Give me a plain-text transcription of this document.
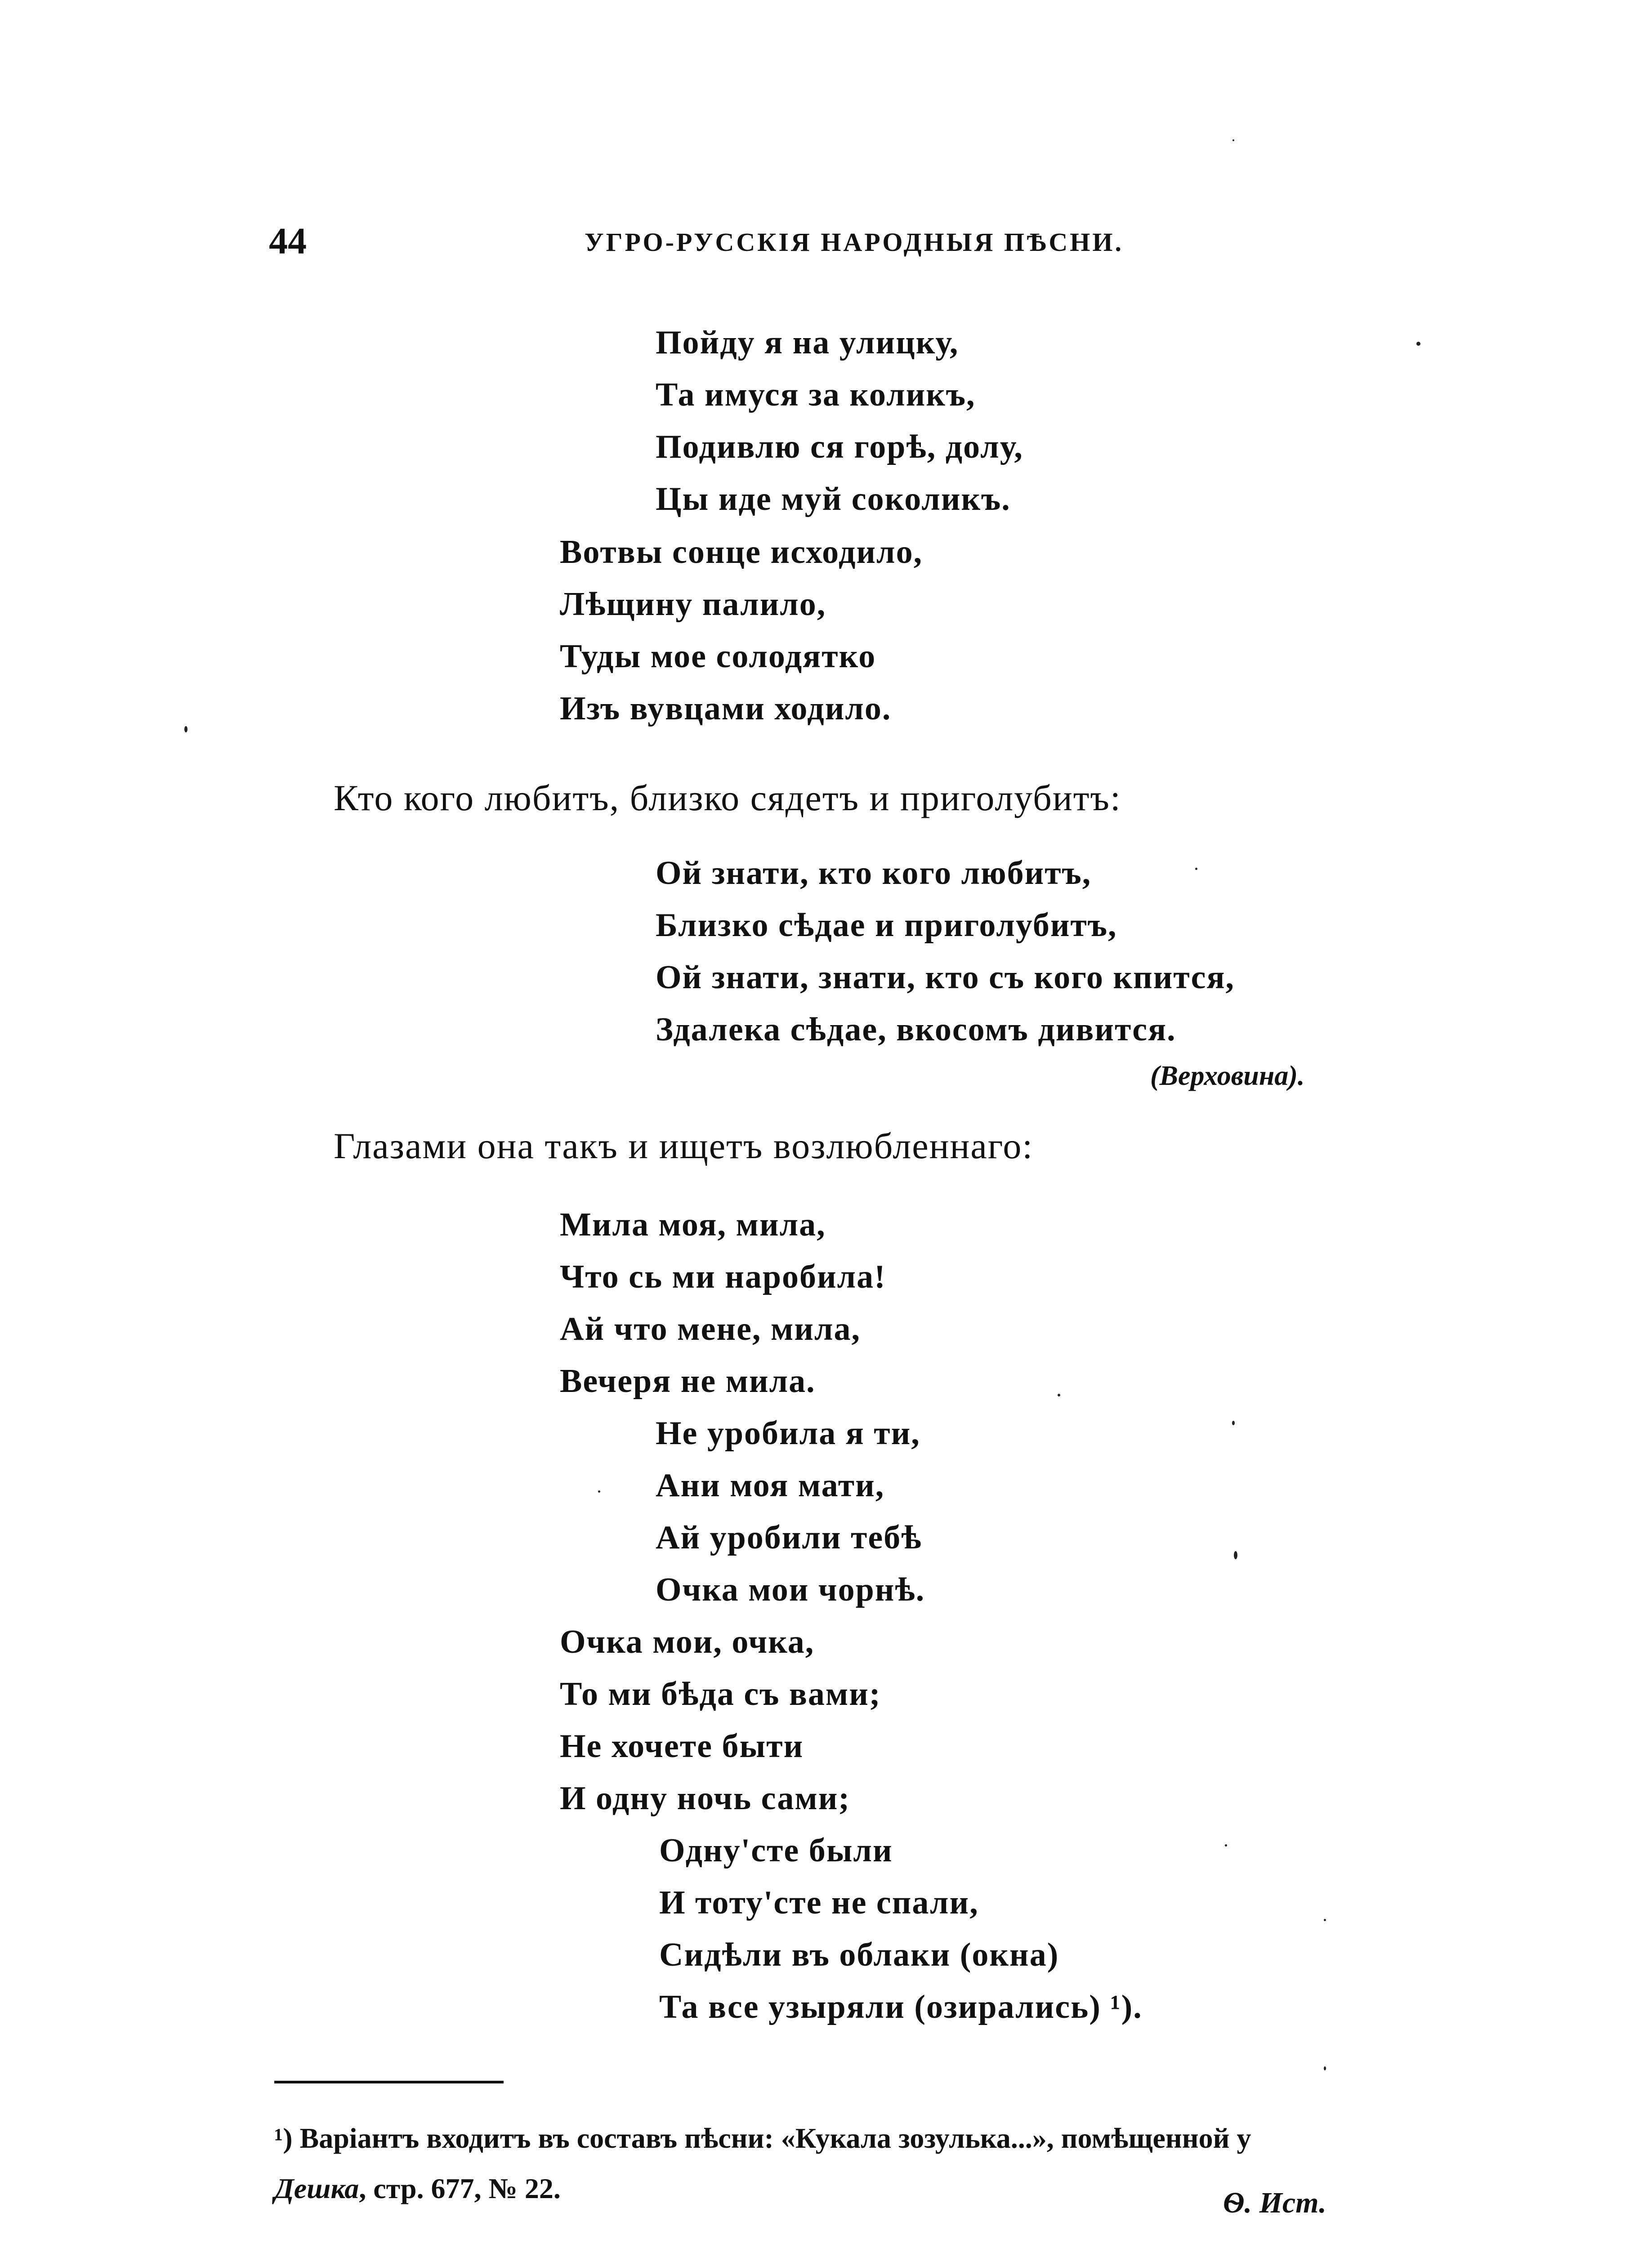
44	УГРО-РУССКІЯ НАРОДНЫЯ ПѢСНИ.
Пойду я на улицку,
Та имуся за коликъ,
Подивлю ся горѣ, долу,
Цы иде муй соколикъ.
Вотвы сонце исходило,
Лѣщину палило,
Туды мое солодятко
Изъ вувцами ходило.
Кто кого любитъ, близко сядетъ и приголубитъ:
Ой знати, кто кого любитъ,
Близко сѣдае и приголубитъ,
Ой знати, знати, кто съ кого кпится,
Здалека сѣдае, вкосомъ дивится.
(Верховина).
Глазами она такъ и ищетъ возлюбленнаго:
Мила моя, мила,
Что сь ми наробила!
Ай что мене, мила,
Вечеря не мила.
Не уробила я ти,
Ани моя мати,
Ай уробили тебѣ
Очка мои чорнѣ.
Очка мои, очка,
То ми бѣда съ вами;
Не хочете быти
И одну ночь сами;
Одну'сте были
И тоту'сте не спали,
Сидѣли въ облаки (окна)
Та все узыряли (озирались) ¹).
¹) Варіантъ входитъ въ составъ пѣсни: «Кукала зозулька...», помѣщенной у
Дешка, стр. 677, № 22.	Ѳ. Ист.
